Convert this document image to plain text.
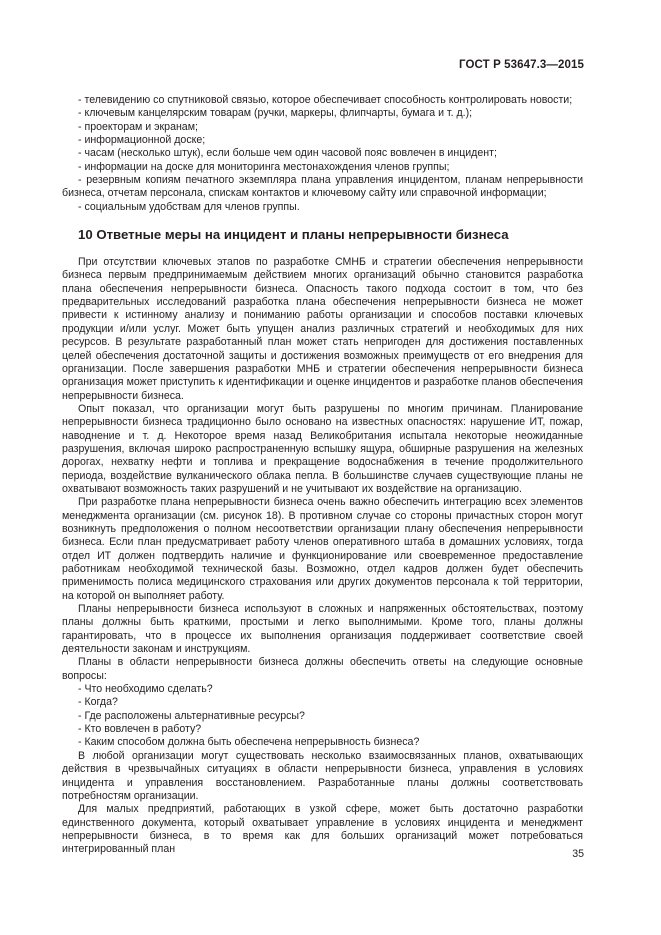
ГОСТ Р 53647.3—2015

- телевидению со спутниковой связью, которое обеспечивает способность контролировать новости;

- ключевым канцелярским товарам (ручки, маркеры, флипчарты, бумага и т. д.);

- проекторам и экранам;

- информационной доске;

- часам (несколько штук), если больше чем один часовой пояс вовлечен в инцидент;

- информации на доске для мониторинга местонахождения членов группы;

- резервным копиям печатного экземпляра плана управления инцидентом, планам непрерывности бизнеса, отчетам персонала, спискам контактов и ключевому сайту или справочной информации;

- социальным удобствам для членов группы.

10 Ответные меры на инцидент и планы непрерывности бизнеса

При отсутствии ключевых этапов по разработке СМНБ и стратегии обеспечения непрерывности бизнеса первым предпринимаемым действием многих организаций обычно становится разработка плана обеспечения непрерывности бизнеса. Опасность такого подхода состоит в том, что без предварительных исследований разработка плана обеспечения непрерывности бизнеса не может привести к истинному анализу и пониманию работы организации и способов поставки ключевых продукции и/или услуг. Может быть упущен анализ различных стратегий и необходимых для них ресурсов. В результате разработанный план может стать непригоден для достижения поставленных целей обеспечения достаточной защиты и достижения возможных преимуществ от его внедрения для организации. После завершения разработки МНБ и стратегии обеспечения непрерывности бизнеса организация может приступить к идентификации и оценке инцидентов и разработке планов обеспечения непрерывности бизнеса.

Опыт показал, что организации могут быть разрушены по многим причинам. Планирование непрерывности бизнеса традиционно было основано на известных опасностях: нарушение ИТ, пожар, наводнение и т. д. Некоторое время назад Великобритания испытала некоторые неожиданные разрушения, включая широко распространенную вспышку ящура, обширные разрушения на железных дорогах, нехватку нефти и топлива и прекращение водоснабжения в течение продолжительного периода, воздействие вулканического облака пепла. В большинстве случаев существующие планы не охватывают возможность таких разрушений и не учитывают их воздействие на организацию.

При разработке плана непрерывности бизнеса очень важно обеспечить интеграцию всех элементов менеджмента организации (см. рисунок 18). В противном случае со стороны причастных сторон могут возникнуть предположения о полном несоответствии организации плану обеспечения непрерывности бизнеса. Если план предусматривает работу членов оперативного штаба в домашних условиях, тогда отдел ИТ должен подтвердить наличие и функционирование или своевременное предоставление работникам необходимой технической базы. Возможно, отдел кадров должен будет обеспечить применимость полиса медицинского страхования или других документов персонала к той территории, на которой он выполняет работу.

Планы непрерывности бизнеса используют в сложных и напряженных обстоятельствах, поэтому планы должны быть краткими, простыми и легко выполнимыми. Кроме того, планы должны гарантировать, что в процессе их выполнения организация поддерживает соответствие своей деятельности законам и инструкциям.

Планы в области непрерывности бизнеса должны обеспечить ответы на следующие основные вопросы:

- Что необходимо сделать?

- Когда?

- Где расположены альтернативные ресурсы?

- Кто вовлечен в работу?

- Каким способом должна быть обеспечена непрерывность бизнеса?

В любой организации могут существовать несколько взаимосвязанных планов, охватывающих действия в чрезвычайных ситуациях в области непрерывности бизнеса, управления в условиях инцидента и управления восстановлением. Разработанные планы должны соответствовать потребностям организации.

Для малых предприятий, работающих в узкой сфере, может быть достаточно разработки единственного документа, который охватывает управление в условиях инцидента и менеджмент непрерывности бизнеса, в то время как для больших организаций может потребоваться интегрированный план	35
